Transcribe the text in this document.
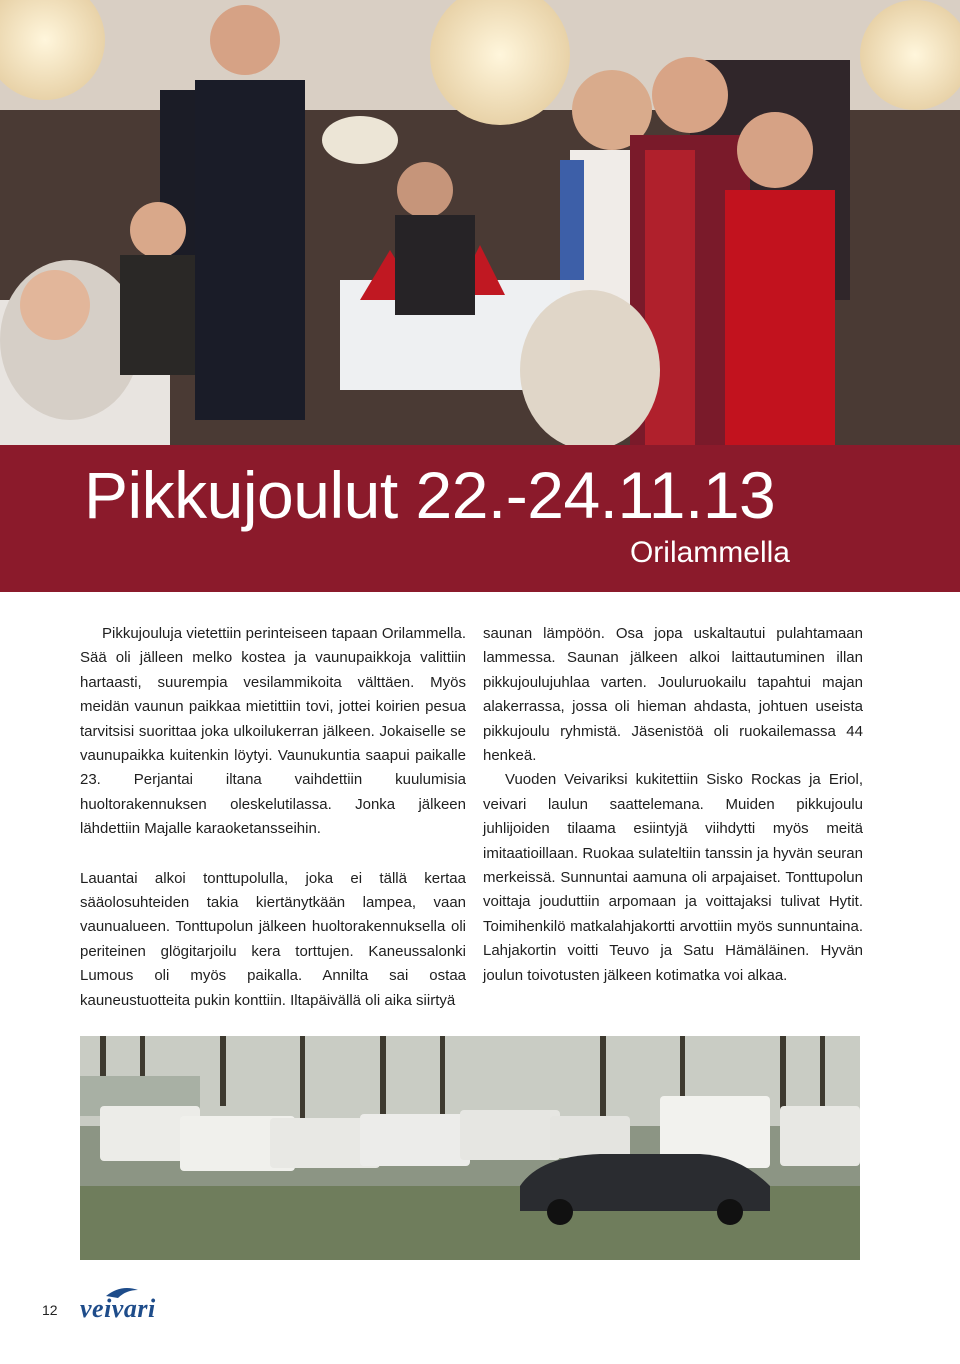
Pikkujoulut 22.-24.11.13
Orilammella

Pikkujouluja vietettiin perinteiseen tapaan Orilammella. Sää oli jälleen melko kostea ja vaunupaikkoja valittiin hartaasti, suurempia vesilammikoita välttäen. Myös meidän vaunun paikkaa mietittiin tovi, jottei koirien pesua tarvitsisi suorittaa joka ulkoilukerran jälkeen. Jokaiselle se vaunupaikka kuitenkin löytyi. Vaunukuntia saapui paikalle 23. Perjantai iltana vaihdettiin kuulumisia huoltorakennuksen oleskelutilassa. Jonka jälkeen lähdettiin Majalle karaoketansseihin.

Lauantai alkoi tonttupolulla, joka ei tällä kertaa sääolosuhteiden takia kiertänytkään lampea, vaan vaunualueen. Tonttupolun jälkeen huoltorakennuksella oli periteinen glögitarjoilu kera torttujen. Kaneussalonki Lumous oli myös paikalla. Annilta sai ostaa kauneustuotteita pukin konttiin. Iltapäivällä oli aika siirtyä

saunan lämpöön. Osa jopa uskaltautui pulahtamaan lammessa. Saunan jälkeen alkoi laittautuminen illan pikkujoulujuhlaa varten. Jouluruokailu tapahtui majan alakerrassa, jossa oli hieman ahdasta, johtuen useista pikkujoulu ryhmistä. Jäsenistöä oli ruokailemassa 44 henkeä.

Vuoden Veivariksi kukitettiin Sisko Rockas ja Eriol, veivari laulun saattelemana. Muiden pikkujoulu juhlijoiden tilaama esiintyjä viihdytti myös meitä imitaatioillaan. Ruokaa sulateltiin tanssin ja hyvän seuran merkeissä. Sunnuntai aamuna oli arpajaiset. Tonttupolun voittaja jouduttiin arpomaan ja voittajaksi tulivat Hytit. Toimihenkilö matkalahjakortti arvottiin myös sunnuntaina. Lahjakortin voitti Teuvo ja Satu Hämäläinen. Hyvän joulun toivotusten jälkeen kotimatka voi alkaa.

12 veivari
